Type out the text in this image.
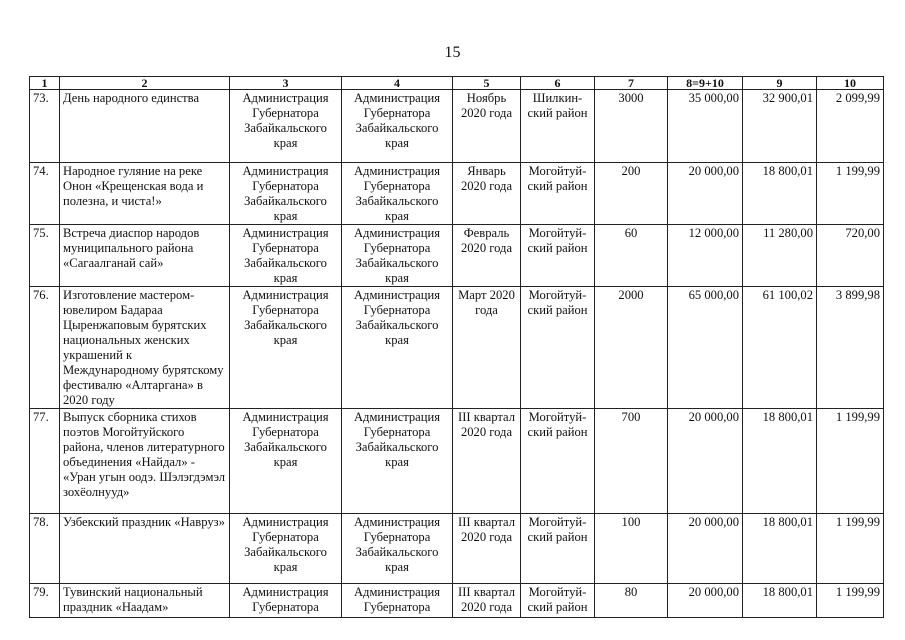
15
1	2	3	4	5	6	7	8=9+10	9	10
73.	День народного единства	Администрация Губернатора Забайкальского края	Администрация Губернатора Забайкальского края	Ноябрь 2020 года	Шилкин-ский район	3000	35 000,00	32 900,01	2 099,99
74.	Народное гуляние на реке Онон «Крещенская вода и полезна, и чиста!»	Администрация Губернатора Забайкальского края	Администрация Губернатора Забайкальского края	Январь 2020 года	Могойтуй-ский район	200	20 000,00	18 800,01	1 199,99
75.	Встреча диаспор народов муниципального района «Сагаалганай сай»	Администрация Губернатора Забайкальского края	Администрация Губернатора Забайкальского края	Февраль 2020 года	Могойтуй-ский район	60	12 000,00	11 280,00	720,00
76.	Изготовление мастером-ювелиром Бадараа Цыренжаповым бурятских национальных женских украшений к Международному бурятскому фестивалю «Алтаргана» в 2020 году	Администрация Губернатора Забайкальского края	Администрация Губернатора Забайкальского края	Март 2020 года	Могойтуй-ский район	2000	65 000,00	61 100,02	3 899,98
77.	Выпуск сборника стихов поэтов Могойтуйского района, членов литературного объединения «Найдал» - «Уран угын оодэ. Шэлэгдэмэл зохёолнууд»	Администрация Губернатора Забайкальского края	Администрация Губернатора Забайкальского края	III квартал 2020 года	Могойтуй-ский район	700	20 000,00	18 800,01	1 199,99
78.	Узбекский праздник «Навруз»	Администрация Губернатора Забайкальского края	Администрация Губернатора Забайкальского края	III квартал 2020 года	Могойтуй-ский район	100	20 000,00	18 800,01	1 199,99
79.	Тувинский национальный праздник «Наадам»	Администрация Губернатора	Администрация Губернатора	III квартал 2020 года	Могойтуй-ский район	80	20 000,00	18 800,01	1 199,99
